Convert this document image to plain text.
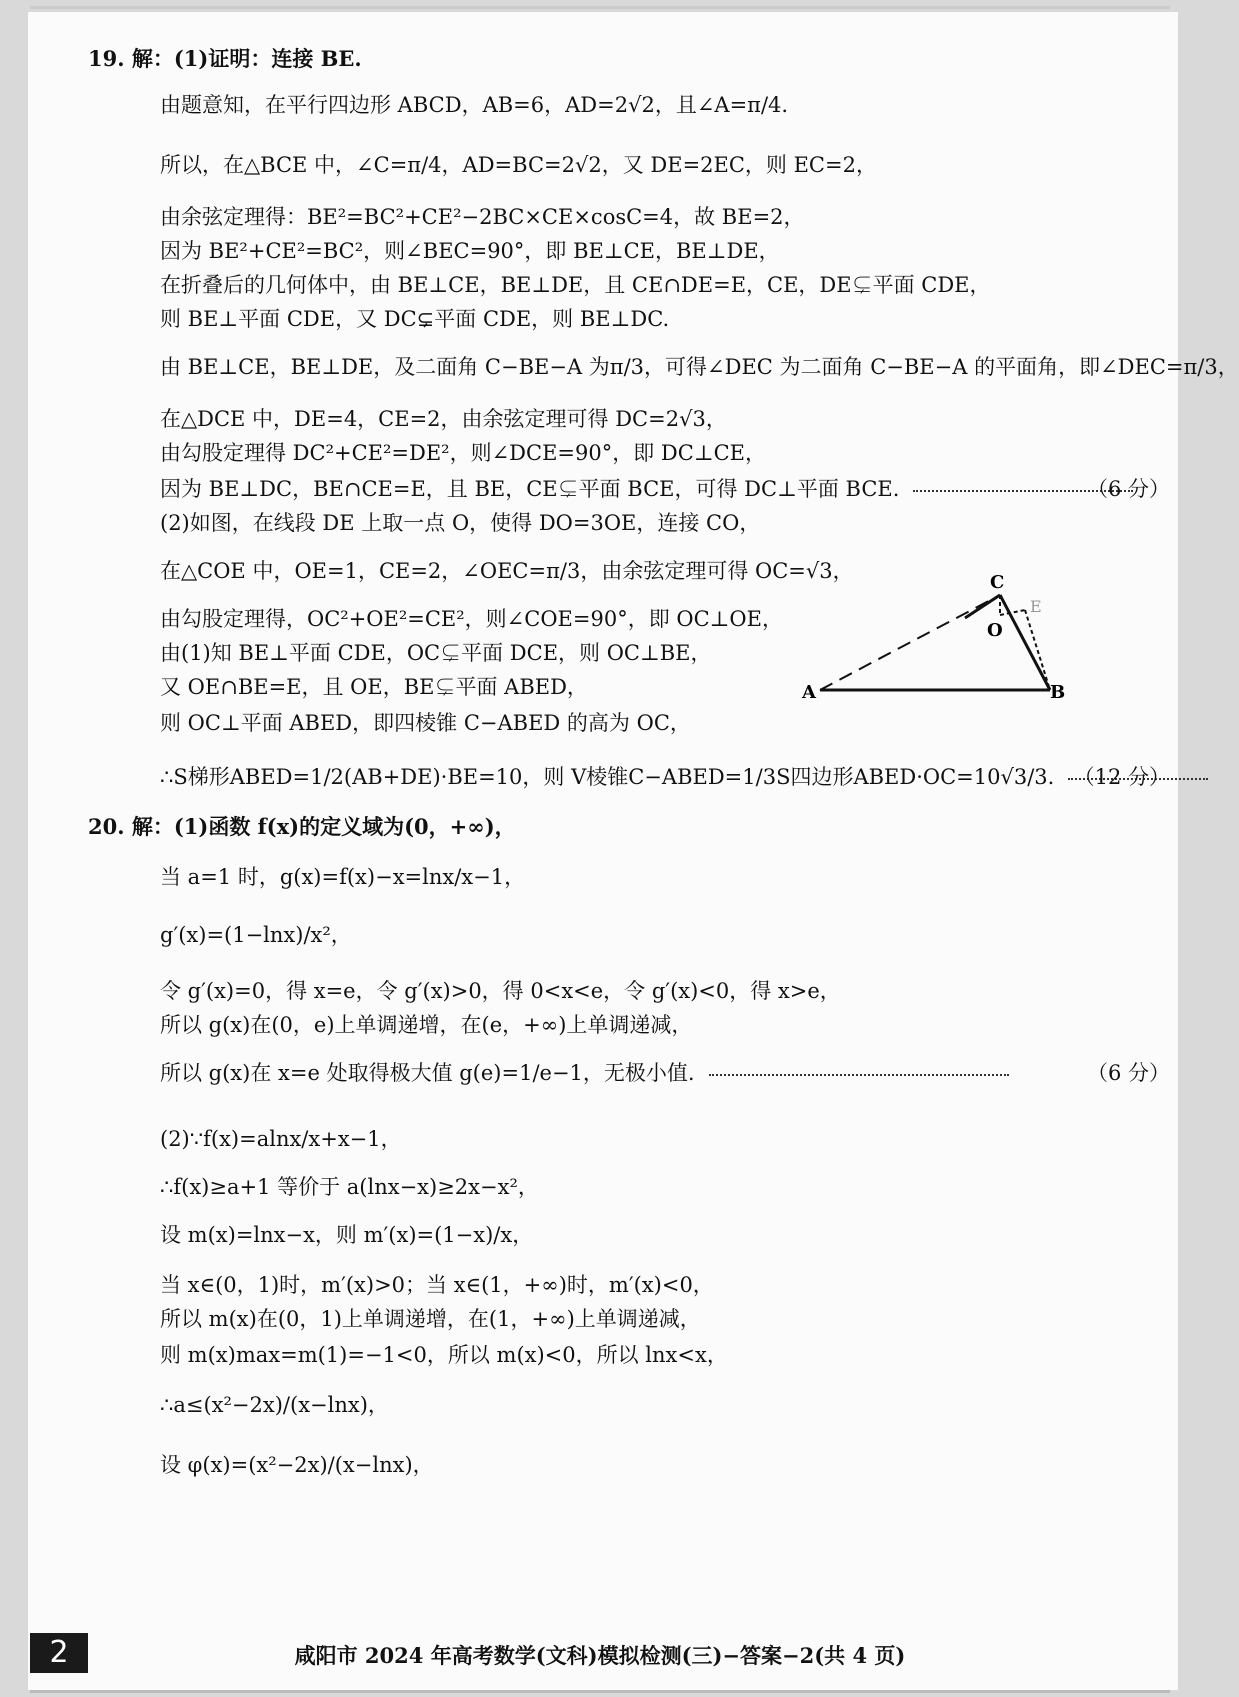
19. 解：(1)证明：连接 BE.
由题意知，在平行四边形 ABCD，AB=6，AD=2√2，且∠A=π/4.
所以，在△BCE 中，∠C=π/4，AD=BC=2√2，又 DE=2EC，则 EC=2，
由余弦定理得：BE²=BC²+CE²−2BC×CE×cosC=4，故 BE=2，
因为 BE²+CE²=BC²，则∠BEC=90°，即 BE⊥CE，BE⊥DE，
在折叠后的几何体中，由 BE⊥CE，BE⊥DE，且 CE∩DE=E，CE，DE⊊平面 CDE，
则 BE⊥平面 CDE，又 DC⊊平面 CDE，则 BE⊥DC.
由 BE⊥CE，BE⊥DE，及二面角 C−BE−A 为π/3，可得∠DEC 为二面角 C−BE−A 的平面角，即∠DEC=π/3，
在△DCE 中，DE=4，CE=2，由余弦定理可得 DC=2√3，
由勾股定理得 DC²+CE²=DE²，则∠DCE=90°，即 DC⊥CE，
因为 BE⊥DC，BE∩CE=E，且 BE，CE⊊平面 BCE，可得 DC⊥平面 BCE.	（6 分）
(2)如图，在线段 DE 上取一点 O，使得 DO=3OE，连接 CO，
在△COE 中，OE=1，CE=2，∠OEC=π/3，由余弦定理可得 OC=√3，
由勾股定理得，OC²+OE²=CE²，则∠COE=90°，即 OC⊥OE，
由(1)知 BE⊥平面 CDE，OC⊊平面 DCE，则 OC⊥BE，
又 OE∩BE=E，且 OE，BE⊊平面 ABED，
则 OC⊥平面 ABED，即四棱锥 C−ABED 的高为 OC，
∴S梯形ABED=1/2(AB+DE)·BE=10，则 V棱锥C−ABED=1/3S四边形ABED·OC=10√3/3. （12 分）
C
O
A	B
E
20. 解：(1)函数 f(x)的定义域为(0，+∞)，
当 a=1 时，g(x)=f(x)−x=lnx/x−1，
g′(x)=(1−lnx)/x²，
令 g′(x)=0，得 x=e，令 g′(x)>0，得 0<x<e，令 g′(x)<0，得 x>e，
所以 g(x)在(0，e)上单调递增，在(e，+∞)上单调递减，
所以 g(x)在 x=e 处取得极大值 g(e)=1/e−1，无极小值.	（6 分）
(2)∵f(x)=alnx/x+x−1，
∴f(x)≥a+1 等价于 a(lnx−x)≥2x−x²，
设 m(x)=lnx−x，则 m′(x)=(1−x)/x，
当 x∈(0，1)时，m′(x)>0；当 x∈(1，+∞)时，m′(x)<0，
所以 m(x)在(0，1)上单调递增，在(1，+∞)上单调递减，
则 m(x)max=m(1)=−1<0，所以 m(x)<0，所以 lnx<x，
∴a≤(x²−2x)/(x−lnx)，
设 φ(x)=(x²−2x)/(x−lnx)，
2	咸阳市 2024 年高考数学(文科)模拟检测(三)−答案−2(共 4 页)
